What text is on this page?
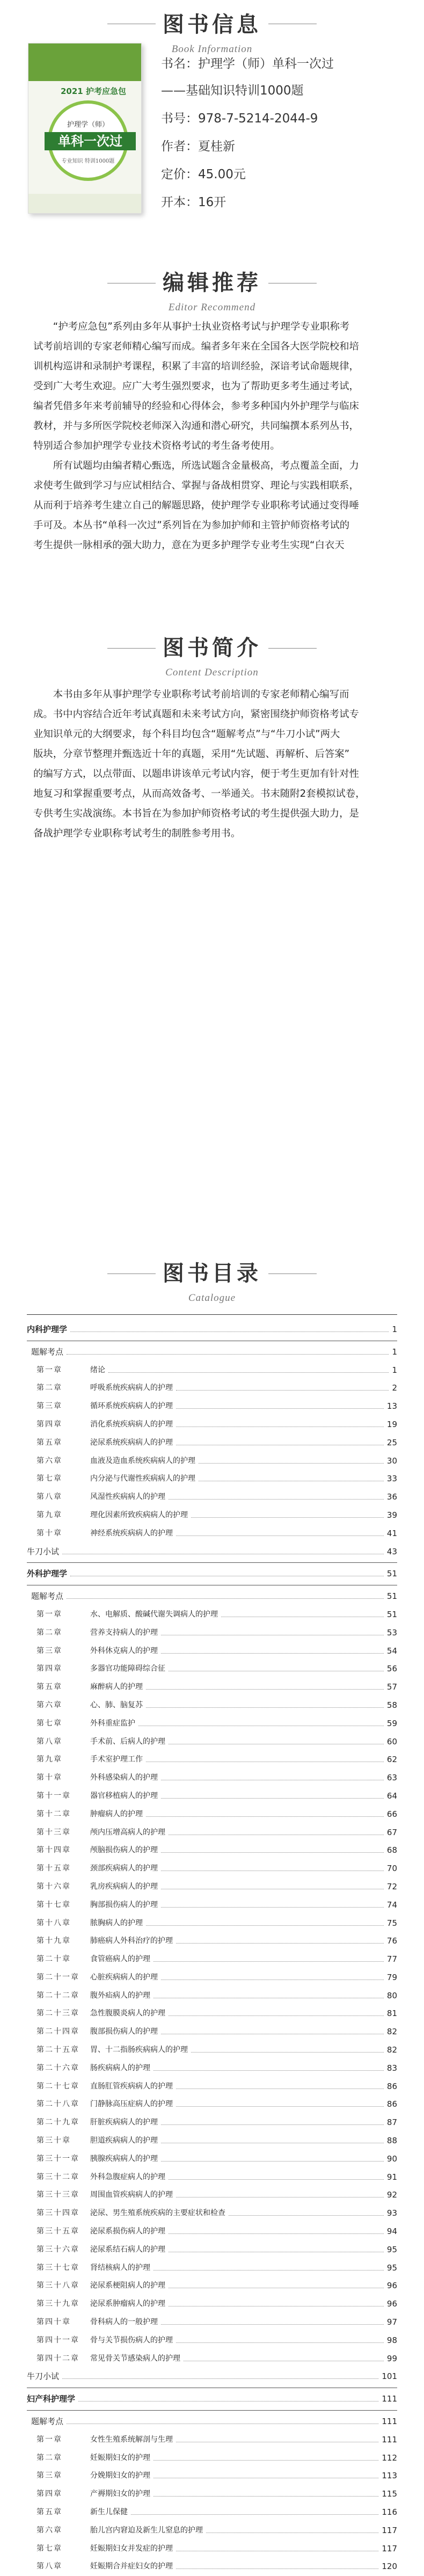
图书信息
Book Information
2021 护考应急包
护理学（师）
单科一次过
专业知识 特训1000题
书名：护理学（师）单科一次过
——基础知识特训1000题
书号：978-7-5214-2044-9
作者：夏桂新
定价：45.00元
开本：16开
编辑推荐
Editor Recommend
“护考应急包”系列由多年从事护士执业资格考试与护理学专业职称考
试考前培训的专家老师精心编写而成。编者多年来在全国各大医学院校和培
训机构巡讲和录制护考课程，积累了丰富的培训经验，深谙考试命题规律，
受到广大考生欢迎。应广大考生强烈要求，也为了帮助更多考生通过考试，
编者凭借多年来考前辅导的经验和心得体会，参考多种国内外护理学与临床
教材，并与多所医学院校老师深入沟通和潜心研究，共同编撰本系列丛书，
特别适合参加护理学专业技术资格考试的考生备考使用。
所有试题均由编者精心甄选，所选试题含金量极高，考点覆盖全面，力
求使考生做到学习与应试相结合、掌握与备战相贯穿、理论与实践相联系，
从而利于培养考生建立自己的解题思路，使护理学专业职称考试通过变得唾
手可及。本丛书“单科一次过”系列旨在为参加护师和主管护师资格考试的
考生提供一脉相承的强大助力，意在为更多护理学专业考生实现“白衣天
图书简介
Content Description
本书由多年从事护理学专业职称考试考前培训的专家老师精心编写而
成。书中内容结合近年考试真题和未来考试方向，紧密围绕护师资格考试专
业知识单元的大纲要求，每个科目均包含“题解考点”与“牛刀小试”两大
版块，分章节整理并甄选近十年的真题，采用“先试题、再解析、后答案”
的编写方式，以点带面、以题串讲该单元考试内容，便于考生更加有针对性
地复习和掌握重要考点，从而高效备考、一举通关。书末随附2套模拟试卷，
专供考生实战演练。本书旨在为参加护师资格考试的考生提供强大助力，是
备战护理学专业职称考试考生的制胜参考用书。
图书目录
Catalogue
内科护理学	1
题解考点	1
第一章	绪论	1
第二章	呼吸系统疾病病人的护理	2
第三章	循环系统疾病病人的护理	13
第四章	消化系统疾病病人的护理	19
第五章	泌尿系统疾病病人的护理	25
第六章	血液及造血系统疾病病人的护理	30
第七章	内分泌与代谢性疾病病人的护理	33
第八章	风湿性疾病病人的护理	36
第九章	理化因素所致疾病病人的护理	39
第十章	神经系统疾病病人的护理	41
牛刀小试	43
外科护理学	51
题解考点	51
第一章	水、电解质、酸碱代谢失调病人的护理	51
第二章	营养支持病人的护理	53
第三章	外科休克病人的护理	54
第四章	多器官功能障碍综合征	56
第五章	麻醉病人的护理	57
第六章	心、肺、脑复苏	58
第七章	外科重症监护	59
第八章	手术前、后病人的护理	60
第九章	手术室护理工作	62
第十章	外科感染病人的护理	63
第十一章	器官移植病人的护理	64
第十二章	肿瘤病人的护理	66
第十三章	颅内压增高病人的护理	67
第十四章	颅脑损伤病人的护理	68
第十五章	颈部疾病病人的护理	70
第十六章	乳房疾病病人的护理	72
第十七章	胸部损伤病人的护理	74
第十八章	脓胸病人的护理	75
第十九章	肺癌病人外科治疗的护理	76
第二十章	食管癌病人的护理	77
第二十一章 心脏疾病病人的护理	79
第二十二章 腹外疝病人的护理	80
第二十三章 急性腹膜炎病人的护理	81
第二十四章 腹部损伤病人的护理	82
第二十五章 胃、十二指肠疾病病人的护理	82
第二十六章 肠疾病病人的护理	83
第二十七章 直肠肛管疾病病人的护理	86
第二十八章 门静脉高压症病人的护理	86
第二十九章 肝脏疾病病人的护理	87
第三十章	胆道疾病病人的护理	88
第三十一章 胰腺疾病病人的护理	90
第三十二章 外科急腹症病人的护理	91
第三十三章 周围血管疾病病人的护理	92
第三十四章 泌尿、男生殖系统疾病的主要症状和检查	93
第三十五章 泌尿系损伤病人的护理	94
第三十六章 泌尿系结石病人的护理	95
第三十七章 肾结核病人的护理	95
第三十八章 泌尿系梗阻病人的护理	96
第三十九章 泌尿系肿瘤病人的护理	96
第四十章	骨科病人的一般护理	97
第四十一章 骨与关节损伤病人的护理	98
第四十二章 常见骨关节感染病人的护理	99
牛刀小试	101
妇产科护理学	111
题解考点	111
第一章	女性生殖系统解剖与生理	111
第二章	妊娠期妇女的护理	112
第三章	分娩期妇女的护理	113
第四章	产褥期妇女的护理	115
第五章	新生儿保健	116
第六章	胎儿宫内窘迫及新生儿窒息的护理	117
第七章	妊娠期妇女并发症的护理	117
第八章	妊娠期合并症妇女的护理	120
